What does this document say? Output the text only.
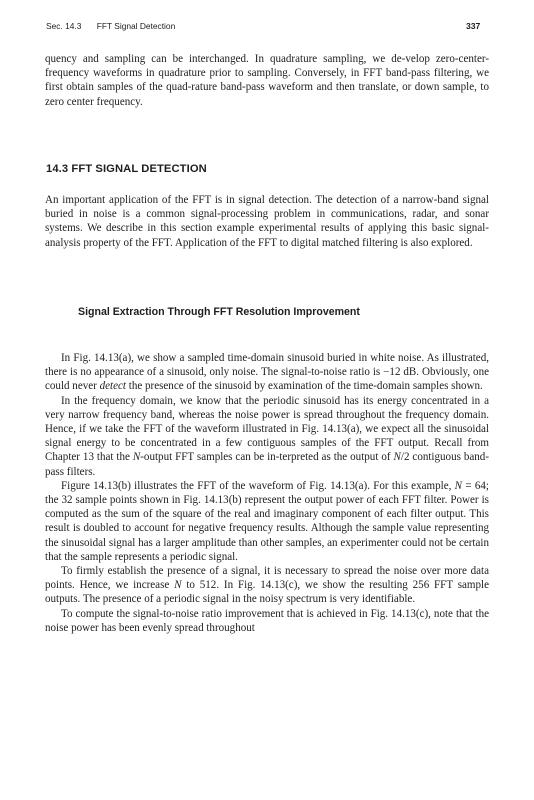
Sec. 14.3 FFT Signal Detection	337

quency and sampling can be interchanged. In quadrature sampling, we de-velop zero-center-frequency waveforms in quadrature prior to sampling. Conversely, in FFT band-pass filtering, we first obtain samples of the quad-rature band-pass waveform and then translate, or down sample, to zero center frequency.

14.3 FFT SIGNAL DETECTION

An important application of the FFT is in signal detection. The detection of a narrow-band signal buried in noise is a common signal-processing problem in communications, radar, and sonar systems. We describe in this section example experimental results of applying this basic signal-analysis property of the FFT. Application of the FFT to digital matched filtering is also explored.

Signal Extraction Through FFT Resolution Improvement

In Fig. 14.13(a), we show a sampled time-domain sinusoid buried in white noise. As illustrated, there is no appearance of a sinusoid, only noise. The signal-to-noise ratio is −12 dB. Obviously, one could never detect the presence of the sinusoid by examination of the time-domain samples shown.

In the frequency domain, we know that the periodic sinusoid has its energy concentrated in a very narrow frequency band, whereas the noise power is spread throughout the frequency domain. Hence, if we take the FFT of the waveform illustrated in Fig. 14.13(a), we expect all the sinusoidal signal energy to be concentrated in a few contiguous samples of the FFT output. Recall from Chapter 13 that the N-output FFT samples can be in-terpreted as the output of N/2 contiguous band-pass filters.

Figure 14.13(b) illustrates the FFT of the waveform of Fig. 14.13(a). For this example, N = 64; the 32 sample points shown in Fig. 14.13(b) represent the output power of each FFT filter. Power is computed as the sum of the square of the real and imaginary component of each filter output. This result is doubled to account for negative frequency results. Although the sample value representing the sinusoidal signal has a larger amplitude than other samples, an experimenter could not be certain that the sample represents a periodic signal.

To firmly establish the presence of a signal, it is necessary to spread the noise over more data points. Hence, we increase N to 512. In Fig. 14.13(c), we show the resulting 256 FFT sample outputs. The presence of a periodic signal in the noisy spectrum is very identifiable.

To compute the signal-to-noise ratio improvement that is achieved in Fig. 14.13(c), note that the noise power has been evenly spread throughout
